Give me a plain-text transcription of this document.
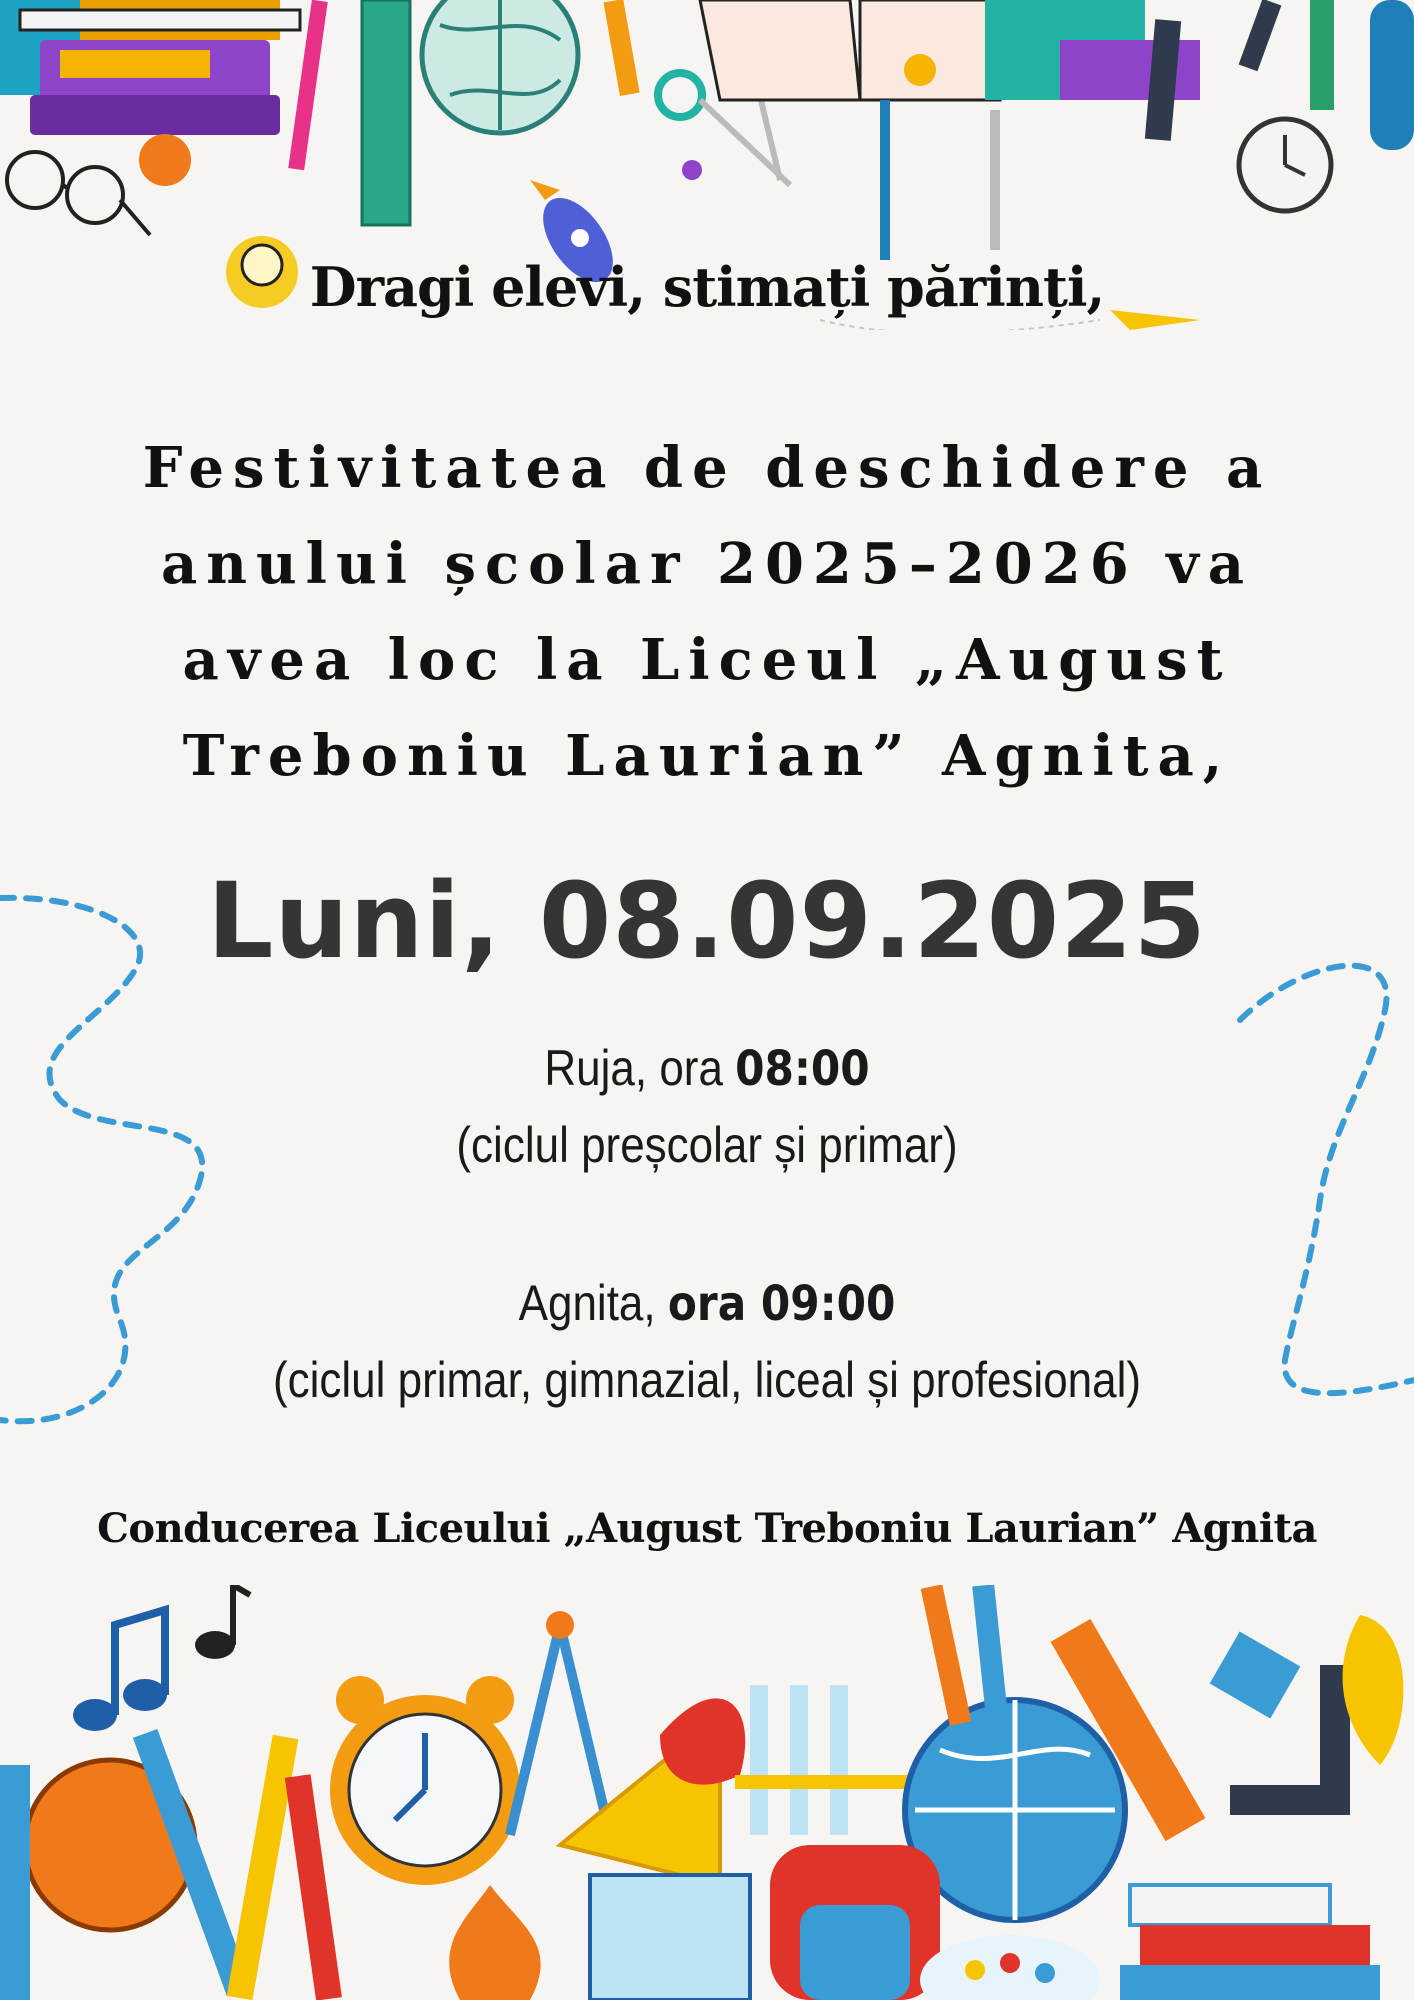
Dragi elevi, stimați părinți,
Festivitatea de deschidere a
anului școlar 2025–2026 va
avea loc la Liceul „August
Treboniu Laurian” Agnita,
Luni, 08.09.2025
Ruja, ora 08:00
(ciclul preșcolar și primar)
Agnita, ora 09:00
(ciclul primar, gimnazial, liceal și profesional)
Conducerea Liceului „August Treboniu Laurian” Agnita
